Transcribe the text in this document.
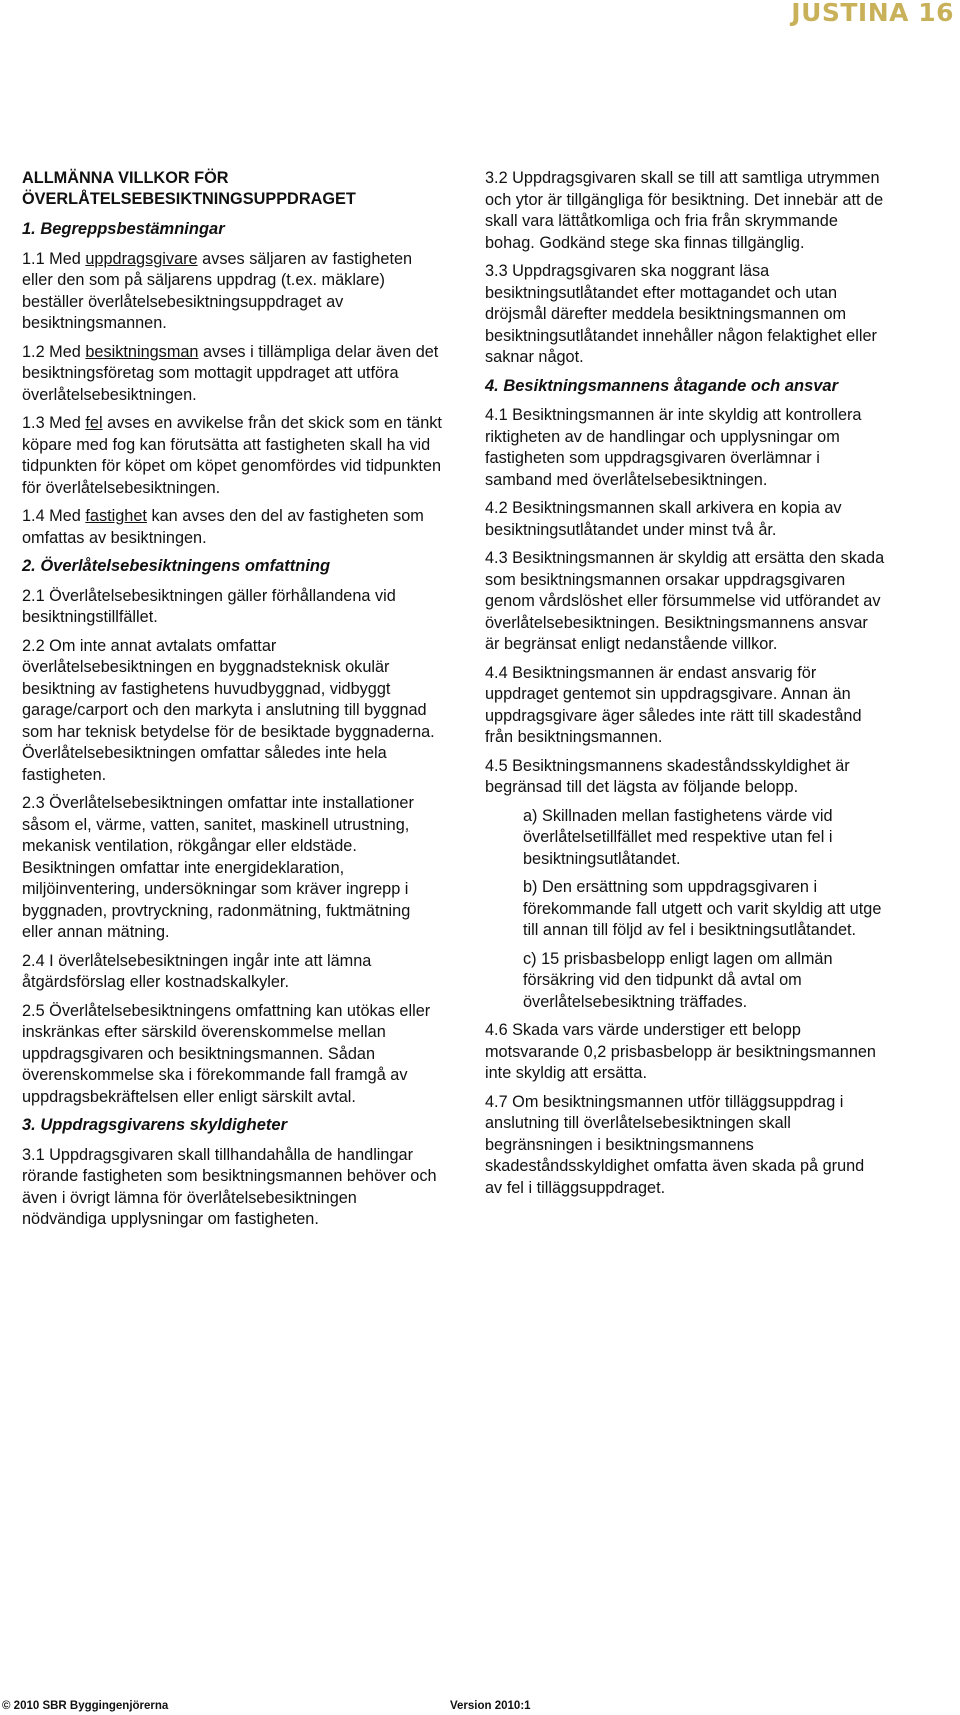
JUSTINA 16

ALLMÄNNA VILLKOR FÖR ÖVERLÅTELSEBESIKTNINGSUPPDRAGET

1. Begreppsbestämningar

1.1 Med uppdragsgivare avses säljaren av fastigheten eller den som på säljarens uppdrag (t.ex. mäklare) beställer överlåtelsebesiktningsuppdraget av besiktningsmannen.

1.2 Med besiktningsman avses i tillämpliga delar även det besiktningsföretag som mottagit uppdraget att utföra överlåtelsebesiktningen.

1.3 Med fel avses en avvikelse från det skick som en tänkt köpare med fog kan förutsätta att fastigheten skall ha vid tidpunkten för köpet om köpet genomfördes vid tidpunkten för överlåtelsebesiktningen.

1.4 Med fastighet kan avses den del av fastigheten som omfattas av besiktningen.

2. Överlåtelsebesiktningens omfattning

2.1 Överlåtelsebesiktningen gäller förhållandena vid besiktningstillfället.

2.2 Om inte annat avtalats omfattar överlåtelsebesiktningen en byggnadsteknisk okulär besiktning av fastighetens huvudbyggnad, vidbyggt garage/carport och den markyta i anslutning till byggnad som har teknisk betydelse för de besiktade byggnaderna. Överlåtelsebesiktningen omfattar således inte hela fastigheten.

2.3 Överlåtelsebesiktningen omfattar inte installationer såsom el, värme, vatten, sanitet, maskinell utrustning, mekanisk ventilation, rökgångar eller eldstäde. Besiktningen omfattar inte energideklaration, miljöinventering, undersökningar som kräver ingrepp i byggnaden, provtryckning, radonmätning, fuktmätning eller annan mätning.

2.4 I överlåtelsebesiktningen ingår inte att lämna åtgärdsförslag eller kostnadskalkyler.

2.5 Överlåtelsebesiktningens omfattning kan utökas eller inskränkas efter särskild överenskommelse mellan uppdragsgivaren och besiktningsmannen. Sådan överenskommelse ska i förekommande fall framgå av uppdragsbekräftelsen eller enligt särskilt avtal.

3. Uppdragsgivarens skyldigheter

3.1 Uppdragsgivaren skall tillhandahålla de handlingar rörande fastigheten som besiktningsmannen behöver och även i övrigt lämna för överlåtelsebesiktningen nödvändiga upplysningar om fastigheten.

3.2 Uppdragsgivaren skall se till att samtliga utrymmen och ytor är tillgängliga för besiktning. Det innebär att de skall vara lättåtkomliga och fria från skrymmande bohag. Godkänd stege ska finnas tillgänglig.

3.3 Uppdragsgivaren ska noggrant läsa besiktningsutlåtandet efter mottagandet och utan dröjsmål därefter meddela besiktningsmannen om besiktningsutlåtandet innehåller någon felaktighet eller saknar något.

4. Besiktningsmannens åtagande och ansvar

4.1 Besiktningsmannen är inte skyldig att kontrollera riktigheten av de handlingar och upplysningar om fastigheten som uppdragsgivaren överlämnar i samband med överlåtelsebesiktningen.

4.2 Besiktningsmannen skall arkivera en kopia av besiktningsutlåtandet under minst två år.

4.3 Besiktningsmannen är skyldig att ersätta den skada som besiktningsmannen orsakar uppdragsgivaren genom vårdslöshet eller försummelse vid utförandet av överlåtelsebesiktningen. Besiktningsmannens ansvar är begränsat enligt nedanstående villkor.

4.4 Besiktningsmannen är endast ansvarig för uppdraget gentemot sin uppdragsgivare. Annan än uppdragsgivare äger således inte rätt till skadestånd från besiktningsmannen.

4.5 Besiktningsmannens skadeståndsskyldighet är begränsad till det lägsta av följande belopp.

a) Skillnaden mellan fastighetens värde vid överlåtelsetillfället med respektive utan fel i besiktningsutlåtandet.

b) Den ersättning som uppdragsgivaren i förekommande fall utgett och varit skyldig att utge till annan till följd av fel i besiktningsutlåtandet.

c) 15 prisbasbelopp enligt lagen om allmän försäkring vid den tidpunkt då avtal om överlåtelsebesiktning träffades.

4.6 Skada vars värde understiger ett belopp motsvarande 0,2 prisbasbelopp är besiktningsmannen inte skyldig att ersätta.

4.7 Om besiktningsmannen utför tilläggsuppdrag i anslutning till överlåtelsebesiktningen skall begränsningen i besiktningsmannens skadeståndsskyldighet omfatta även skada på grund av fel i tilläggsuppdraget.

© 2010 SBR Byggingenjörerna	Version 2010:1
